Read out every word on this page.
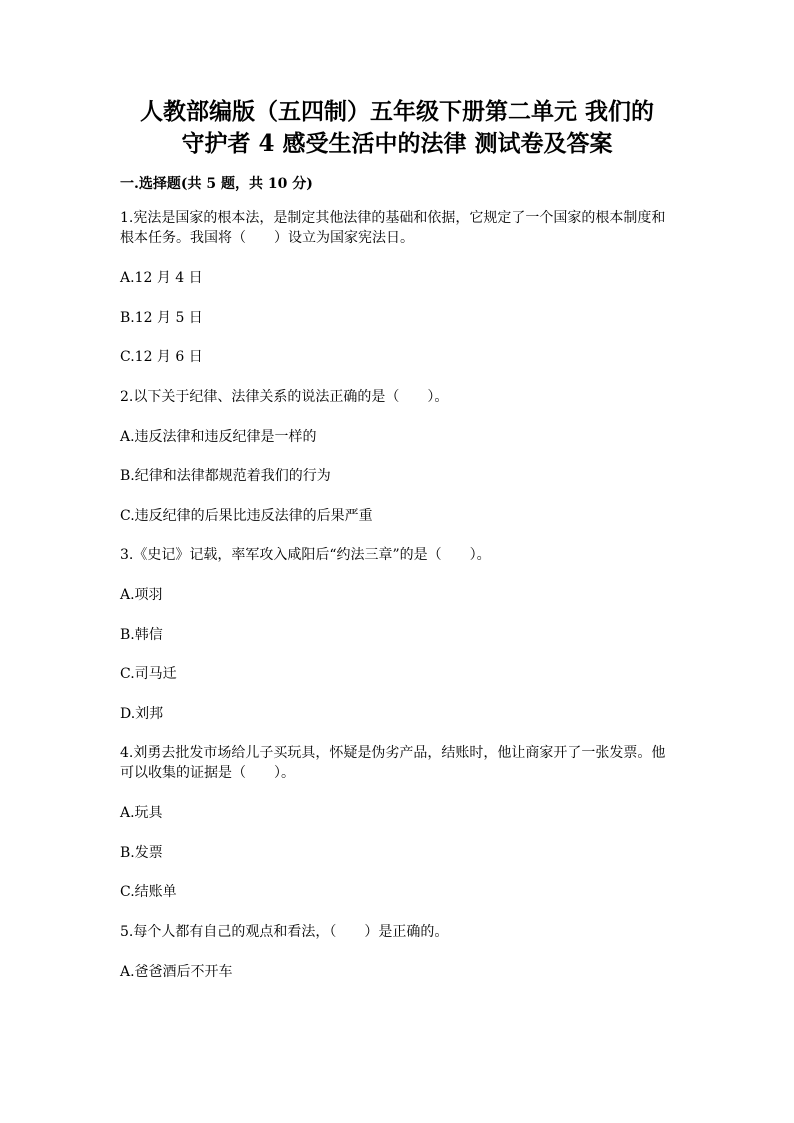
人教部编版（五四制）五年级下册第二单元 我们的
守护者 4 感受生活中的法律 测试卷及答案
一.选择题(共 5 题，共 10 分)
1.宪法是国家的根本法，是制定其他法律的基础和依据，它规定了一个国家的根本制度和根本任务。我国将（　　）设立为国家宪法日。
A.12 月 4 日
B.12 月 5 日
C.12 月 6 日
2.以下关于纪律、法律关系的说法正确的是（　　）。
A.违反法律和违反纪律是一样的
B.纪律和法律都规范着我们的行为
C.违反纪律的后果比违反法律的后果严重
3.《史记》记载，率军攻入咸阳后“约法三章”的是（　　）。
A.项羽
B.韩信
C.司马迁
D.刘邦
4.刘勇去批发市场给儿子买玩具，怀疑是伪劣产品，结账时，他让商家开了一张发票。他可以收集的证据是（　　）。
A.玩具
B.发票
C.结账单
5.每个人都有自己的观点和看法，（　　）是正确的。
A.爸爸酒后不开车
